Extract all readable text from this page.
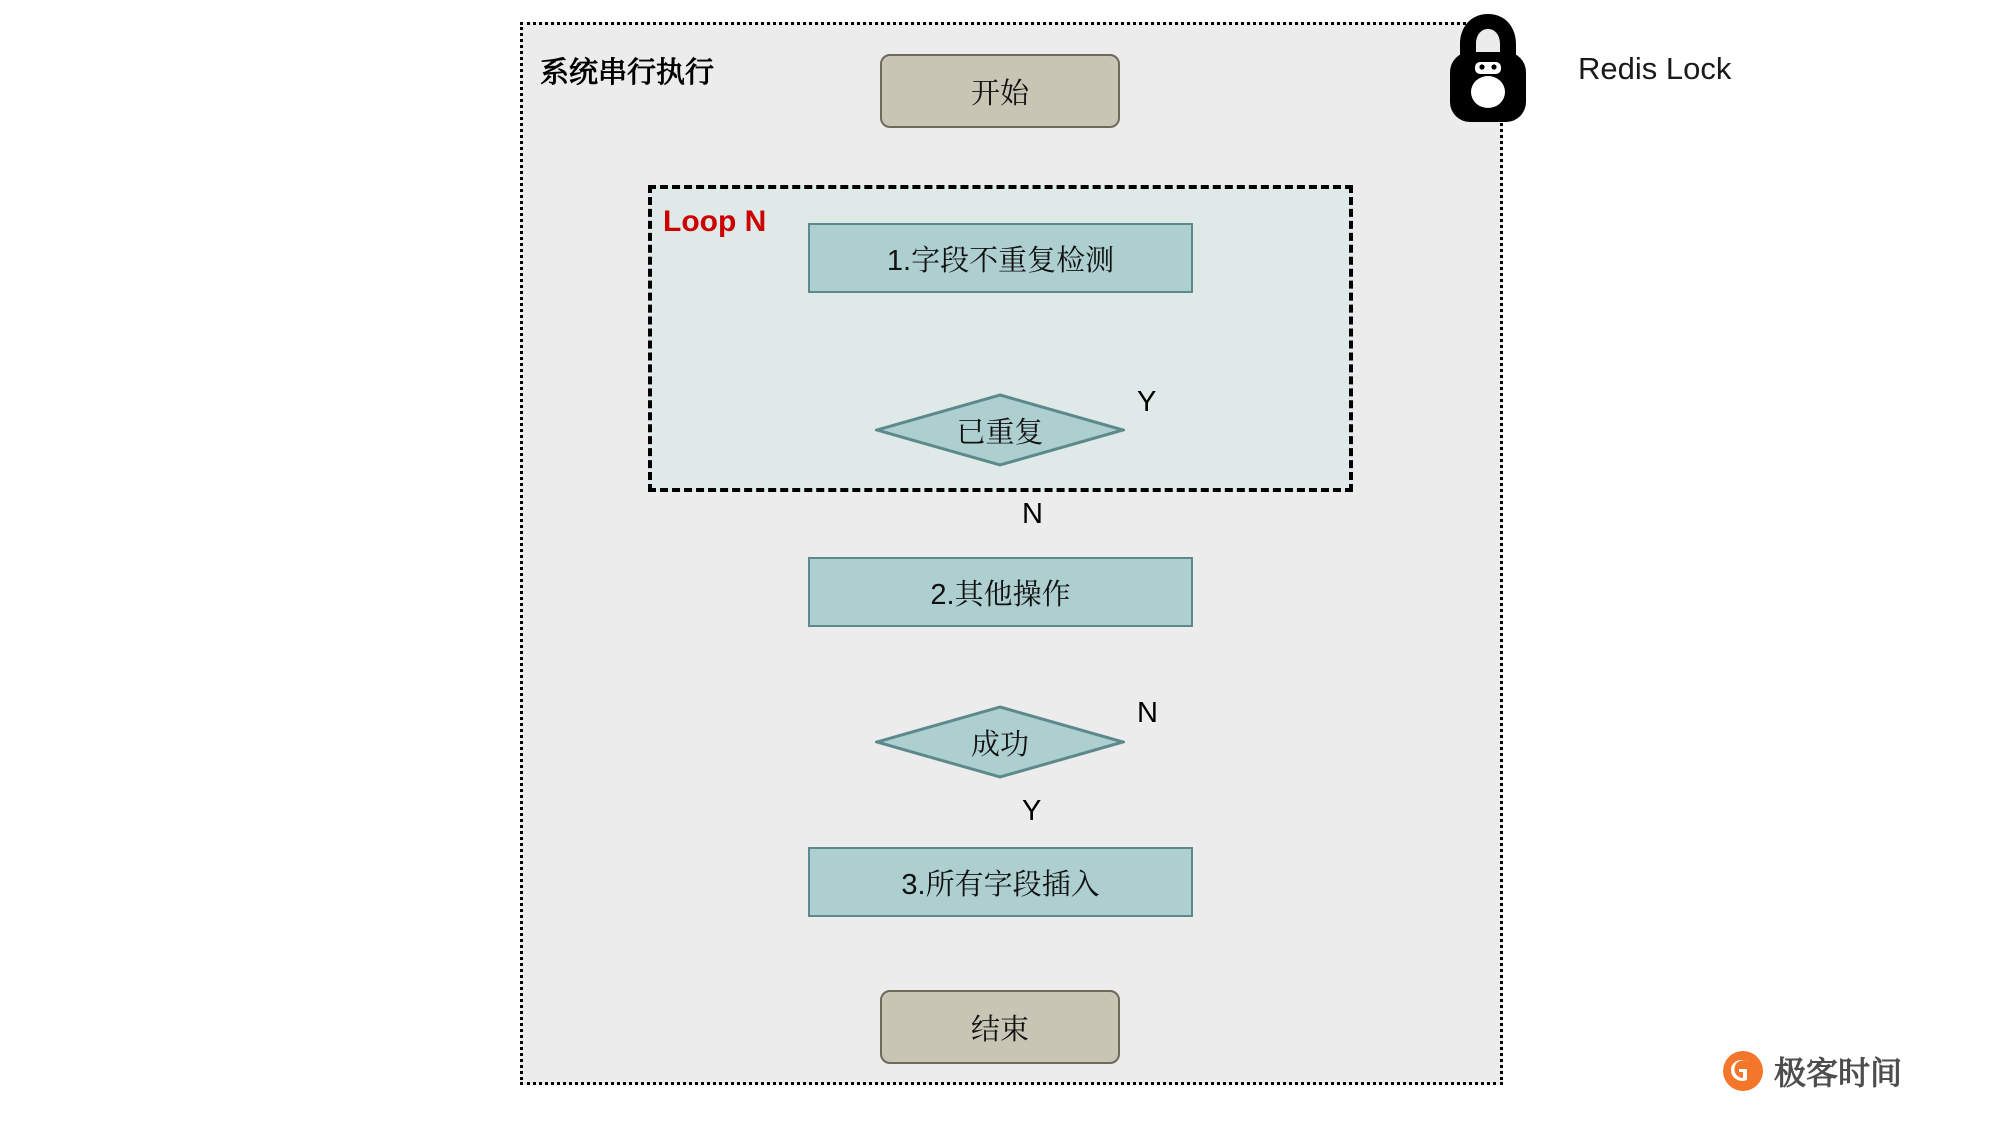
系统串行执行
Loop N
开始
1.字段不重复检测
已重复
2.其他操作
成功
3.所有字段插入
结束
Y
N
N
Y
Redis Lock
极客时间
